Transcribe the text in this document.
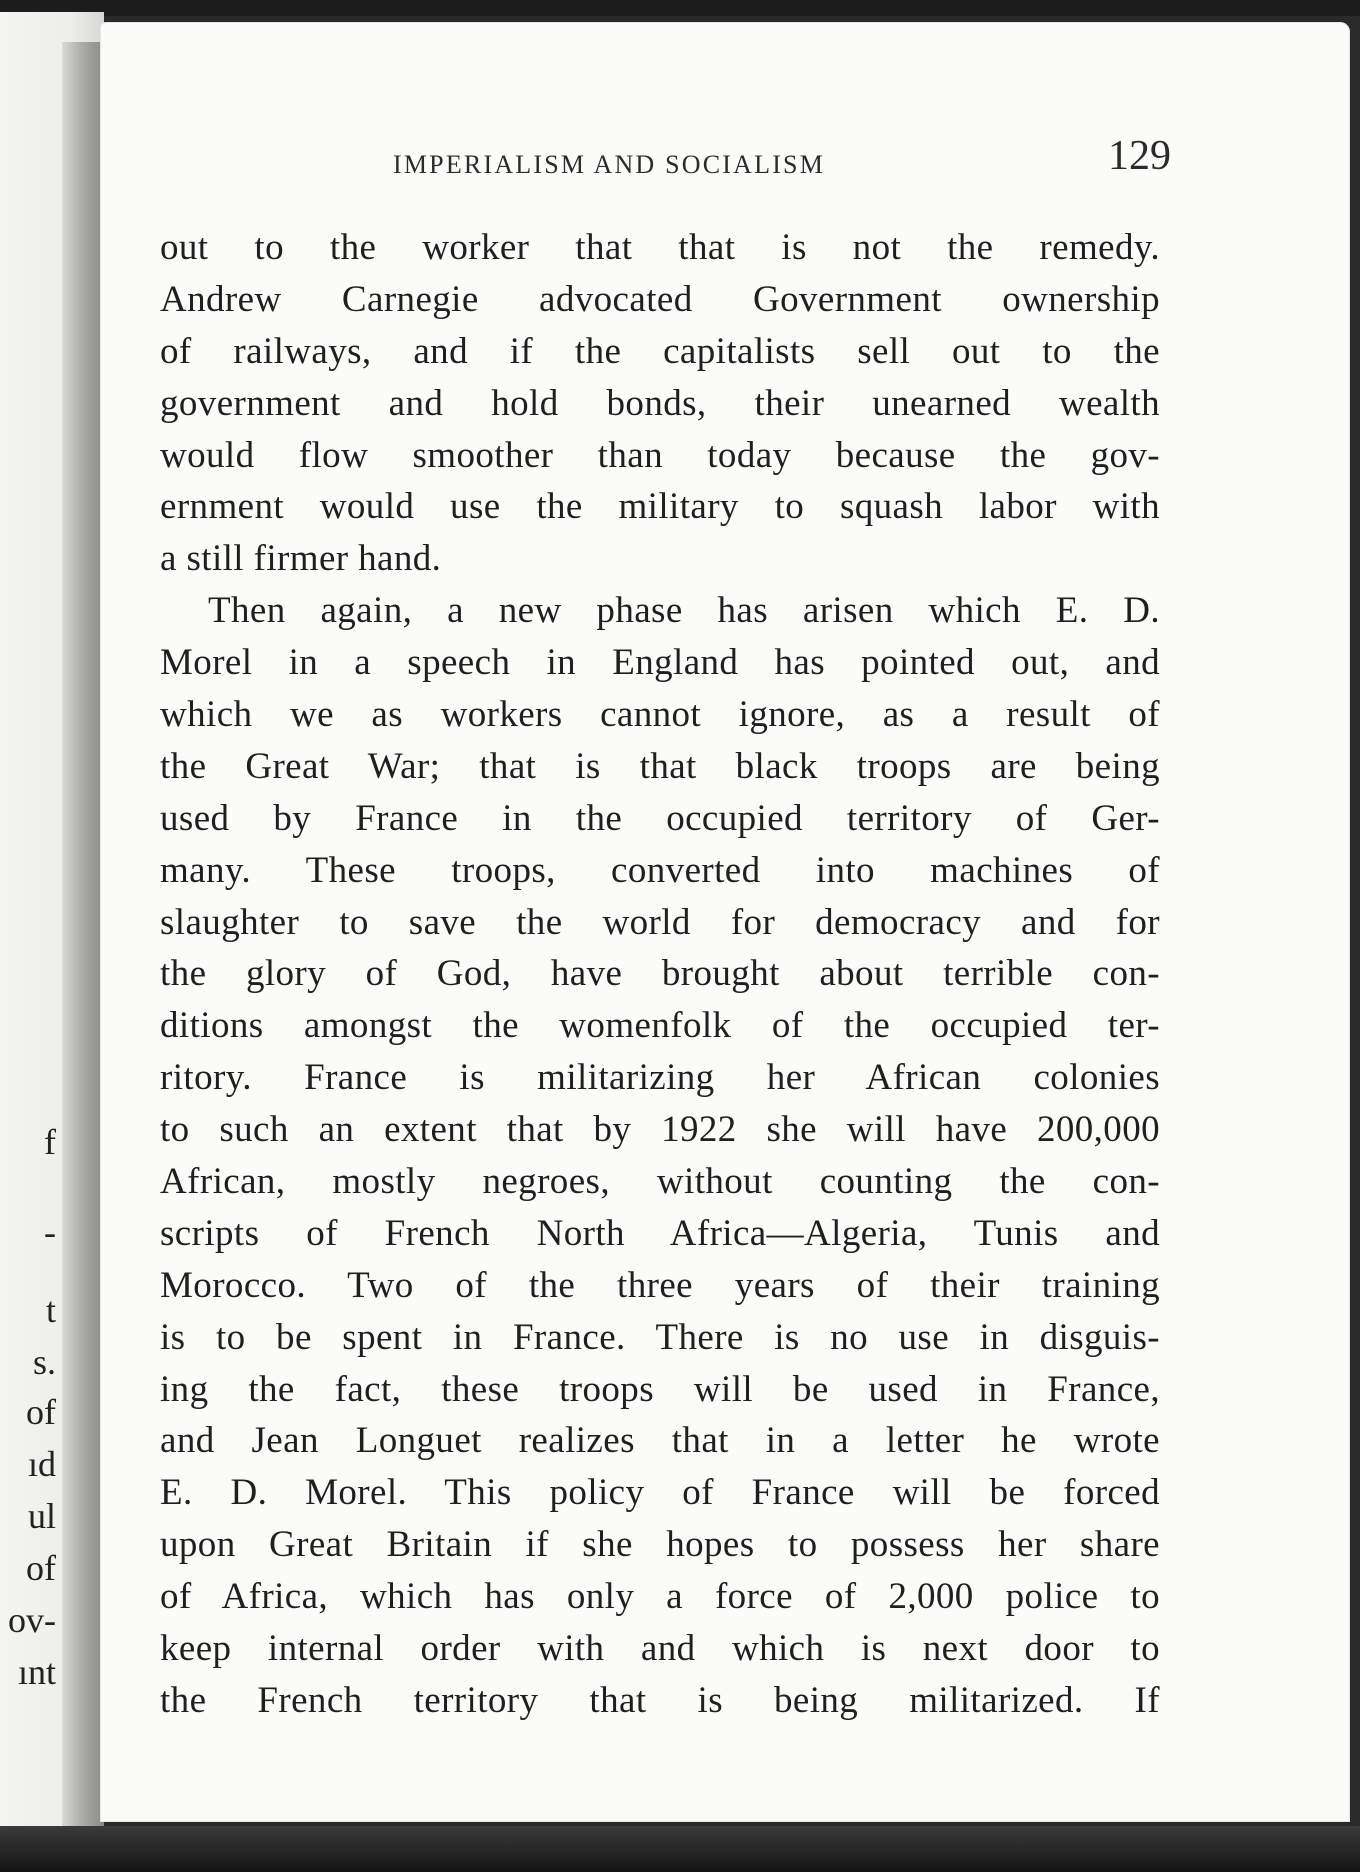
f
-
t
s.
of
ıd
ul
of
ov-
ınt
IMPERIALISM AND SOCIALISM	129
out to the worker that that is not the remedy.
Andrew Carnegie advocated Government ownership
of railways, and if the capitalists sell out to the
government and hold bonds, their unearned wealth
would flow smoother than today because the gov-
ernment would use the military to squash labor with
a still firmer hand.
Then again, a new phase has arisen which E. D.
Morel in a speech in England has pointed out, and
which we as workers cannot ignore, as a result of
the Great War; that is that black troops are being
used by France in the occupied territory of Ger-
many. These troops, converted into machines of
slaughter to save the world for democracy and for
the glory of God, have brought about terrible con-
ditions amongst the womenfolk of the occupied ter-
ritory. France is militarizing her African colonies
to such an extent that by 1922 she will have 200,000
African, mostly negroes, without counting the con-
scripts of French North Africa—Algeria, Tunis and
Morocco. Two of the three years of their training
is to be spent in France. There is no use in disguis-
ing the fact, these troops will be used in France,
and Jean Longuet realizes that in a letter he wrote
E. D. Morel. This policy of France will be forced
upon Great Britain if she hopes to possess her share
of Africa, which has only a force of 2,000 police to
keep internal order with and which is next door to
the French territory that is being militarized. If
